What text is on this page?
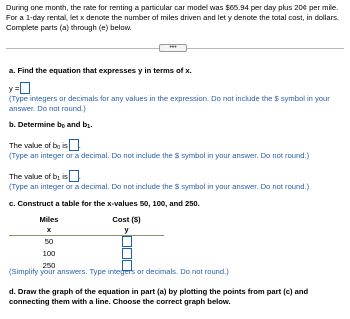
During one month, the rate for renting a particular car model was $65.94 per day plus 20¢ per mile. For a 1-day rental, let x denote the number of miles driven and let y denote the total cost, in dollars. Complete parts (a) through (e) below.
•••
a. Find the equation that expresses y in terms of x.
y =
(Type integers or decimals for any values in the expression. Do not include the $ symbol in your answer. Do not round.)
b. Determine $b_0$ and $b_1$.
The value of $b_0$ is .
(Type an integer or a decimal. Do not include the $ symbol in your answer. Do not round.)
The value of $b_1$ is .
(Type an integer or a decimal. Do not include the $ symbol in your answer. Do not round.)
c. Construct a table for the x-values 50, 100, and 250.
Miles	Cost ($)
x	y
50	
100	
250	
(Simplify your answers. Type integers or decimals. Do not round.)
d. Draw the graph of the equation in part (a) by plotting the points from part (c) and connecting them with a line. Choose the correct graph below.
